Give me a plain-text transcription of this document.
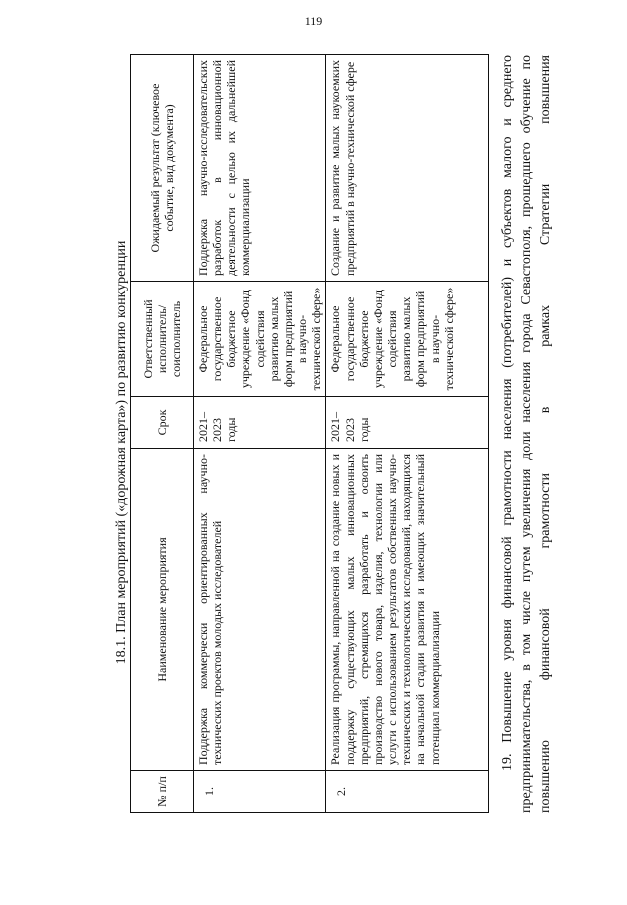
119
18.1. План мероприятий («дорожная карта») по развитию конкуренции
№ п/п	Наименование мероприятия	Срок	Ответственный исполнитель/ соисполнитель	Ожидаемый результат (ключевое событие, вид документа)
1.	Поддержка коммерчески ориентированных научно-технических проектов молодых исследователей	2021–2023 годы	Федеральное государственное бюджетное учреждение «Фонд содействия развитию малых форм предприятий в научно-технической сфере»	Поддержка научно-исследовательских разработок в инновационной деятельности с целью их дальнейшей коммерциализации
2.	Реализация программы, направленной на создание новых и поддержку существующих малых инновационных предприятий, стремящихся разработать и освоить производство нового товара, изделия, технологии или услуги с использованием результатов собственных научно-технических и технологических исследований, находящихся на начальной стадии развития и имеющих значительный потенциал коммерциализации	2021–2023 годы	Федеральное государственное бюджетное учреждение «Фонд содействия развитию малых форм предприятий в научно-технической сфере»	Создание и развитие малых наукоемких предприятий в научно-технической сфере	19. Повышение уровня финансовой грамотности населения (потребителей) и субъектов малого и среднего предпринимательства, в том числе путем увеличения доли населения города Севастополя, прошедшего обучение по повышению финансовой грамотности в рамках Стратегии повышения
